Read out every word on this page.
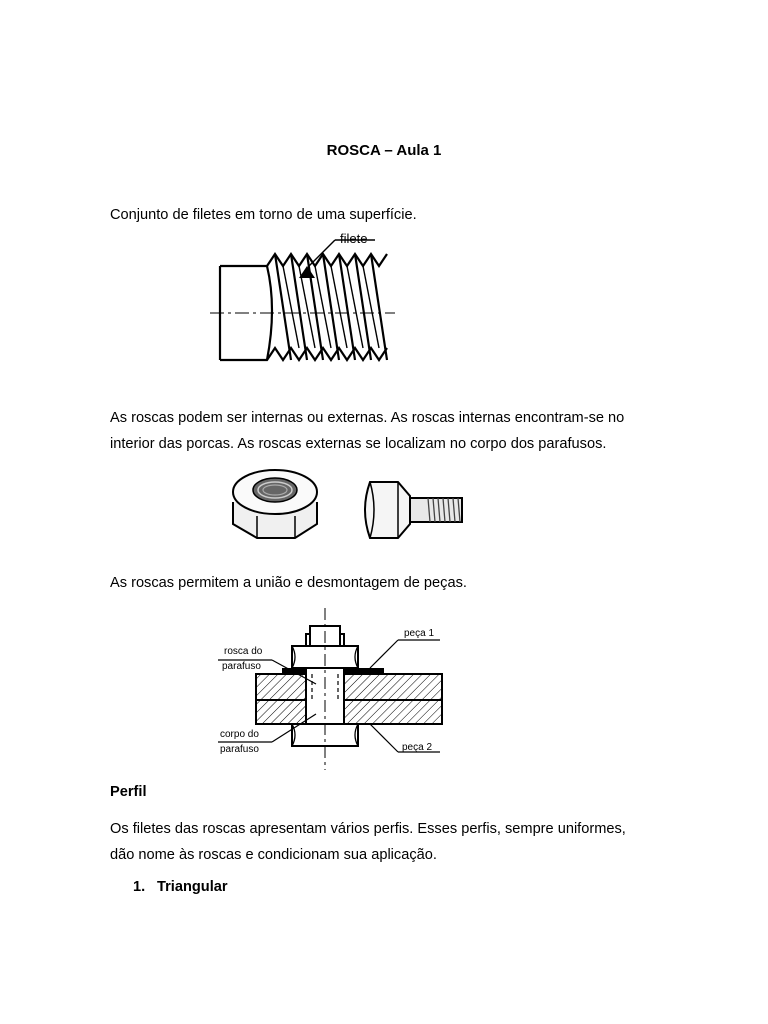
ROSCA – Aula 1
Conjunto de filetes em torno de uma superfície.
filete
As roscas podem ser internas ou externas. As roscas internas encontram-se no
interior das porcas. As roscas externas se localizam no corpo dos parafusos.
As roscas permitem a união e desmontagem de peças.
rosca do
parafuso
corpo do
parafuso
peça 1
peça 2
Perfil
Os filetes das roscas apresentam vários perfis. Esses perfis, sempre uniformes,
dão nome às roscas e condicionam sua aplicação.
1. Triangular
